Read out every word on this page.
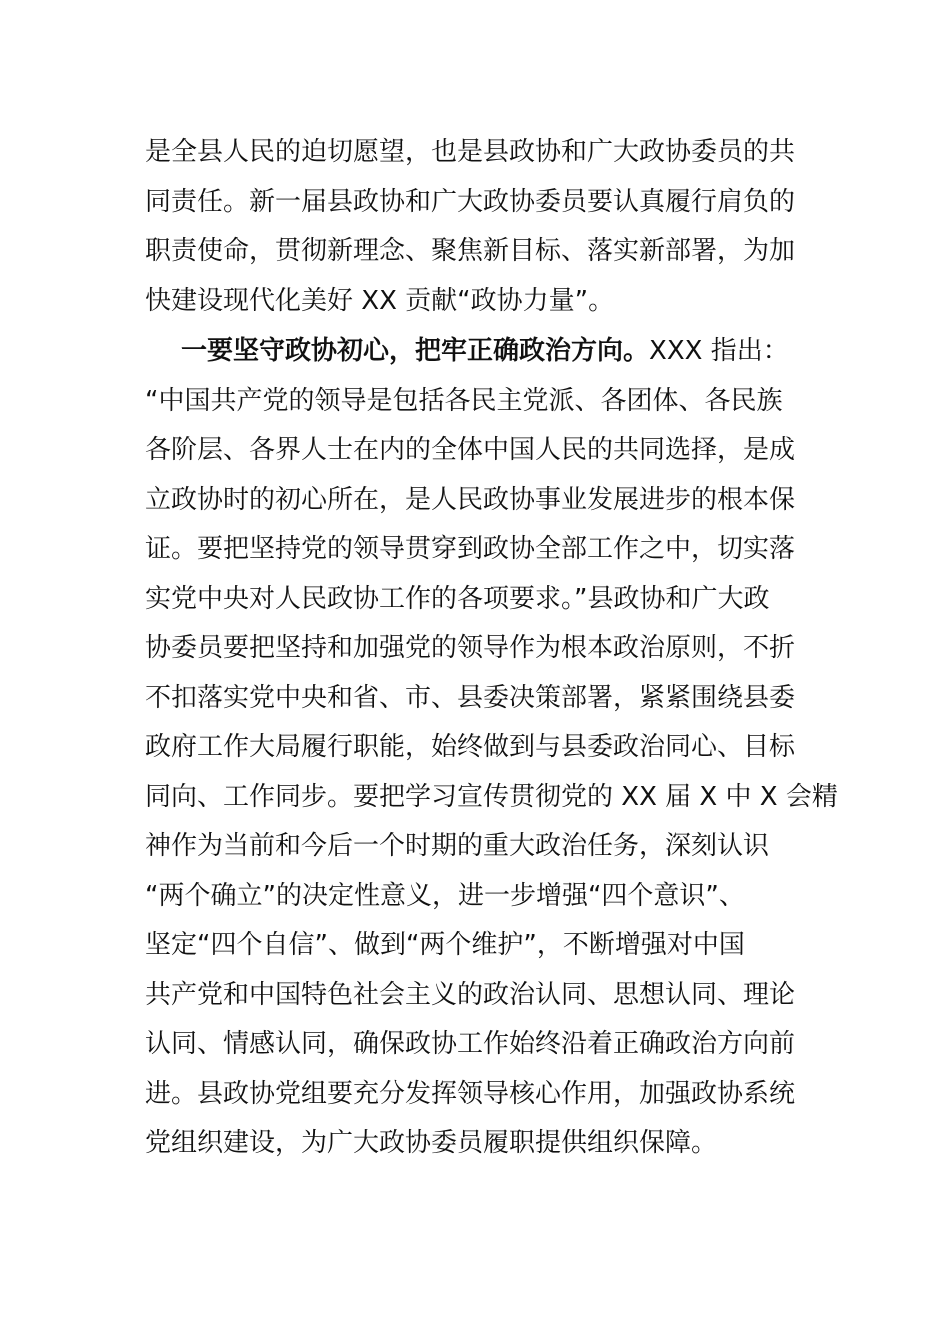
是全县人民的迫切愿望，也是县政协和广大政协委员的共
同责任。新一届县政协和广大政协委员要认真履行肩负的
职责使命，贯彻新理念、聚焦新目标、落实新部署，为加
快建设现代化美好 XX 贡献“政协力量”。
一要坚守政协初心，把牢正确政治方向。XXX 指出：
“中国共产党的领导是包括各民主党派、各团体、各民族
各阶层、各界人士在内的全体中国人民的共同选择，是成
立政协时的初心所在，是人民政协事业发展进步的根本保
证。要把坚持党的领导贯穿到政协全部工作之中，切实落
实党中央对人民政协工作的各项要求。”县政协和广大政
协委员要把坚持和加强党的领导作为根本政治原则，不折
不扣落实党中央和省、市、县委决策部署，紧紧围绕县委
政府工作大局履行职能，始终做到与县委政治同心、目标
同向、工作同步。要把学习宣传贯彻党的 XX 届 X 中 X 会精
神作为当前和今后一个时期的重大政治任务，深刻认识
“两个确立”的决定性意义，进一步增强“四个意识”、
坚定“四个自信”、做到“两个维护”，不断增强对中国
共产党和中国特色社会主义的政治认同、思想认同、理论
认同、情感认同，确保政协工作始终沿着正确政治方向前
进。县政协党组要充分发挥领导核心作用，加强政协系统
党组织建设，为广大政协委员履职提供组织保障。
